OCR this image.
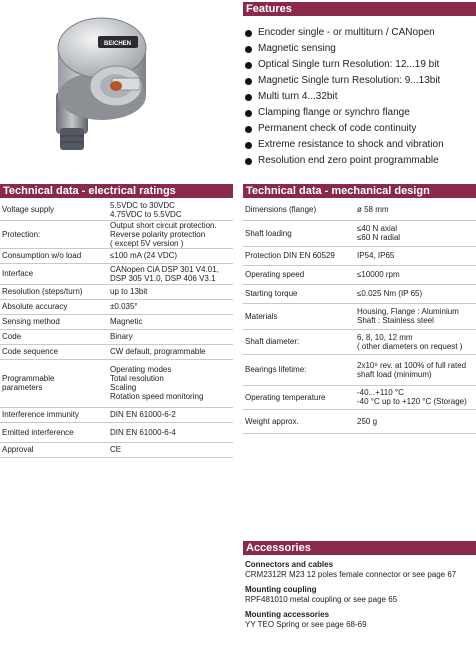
BEICHEN
Features
Encoder single - or multiturn / CANopen
Magnetic sensing
Optical Single turn Resolution: 12...19 bit
Magnetic Single turn Resolution: 9...13bit
Multi turn 4...32bit
Clamping flange or synchro flange
Permanent check of code continuity
Extreme resistance to shock and vibration
Resolution end zero point programmable
Technical data - electrical ratings
Voltage supply	5.5VDC to 30VDC
4.75VDC to 5.5VDC

Protection:	Output short circuit protection.
Reverse polarity protection
( except 5V version )

Consumption w/o load	≤100 mA (24 VDC)

Interface	CANopen CiA DSP 301 V4.01,
DSP 305 V1.0, DSP 406 V3.1

Resolution (steps/turn)	up to 13bit

Absolute accuracy	±0.035°

Sensing method	Magnetic

Code	Binary

Code sequence	CW default, programmable

Programmable
parameters	Operating modes
Total resolution
Scaling
Rotation speed monitoring

Interference immunity	DIN EN 61000-6-2

Emitted interference	DIN EN 61000-6-4

Approval	CE
Technical data - mechanical design
Dimensions (flange)	ø 58 mm

Shaft loading	≤40 N axial
≤60 N radial

Protection DIN EN 60529	IP54, IP65

Operating speed	≤10000 rpm

Starting torque	≤0.025 Nm (IP 65)

Materials	Housing, Flange : Aluminium
Shaft : Stainless steel

Shaft diameter:	6, 8, 10, 12 mm
( other diameters on request )

Bearings lifetime:	2x10⁹ rev. at 100% of full rated
shaft load (minimum)

Operating temperature	-40...+110 °C
-40 °C up to +120 °C (Storage)

Weight approx.	250 g
Accessories
Connectors and cables
CRM2312R M23 12 poles female connector or see page 67
Mounting coupling
RPF481010 metal coupling or see page 65
Mounting accessories
YY TEO Spring or see page 68-69
